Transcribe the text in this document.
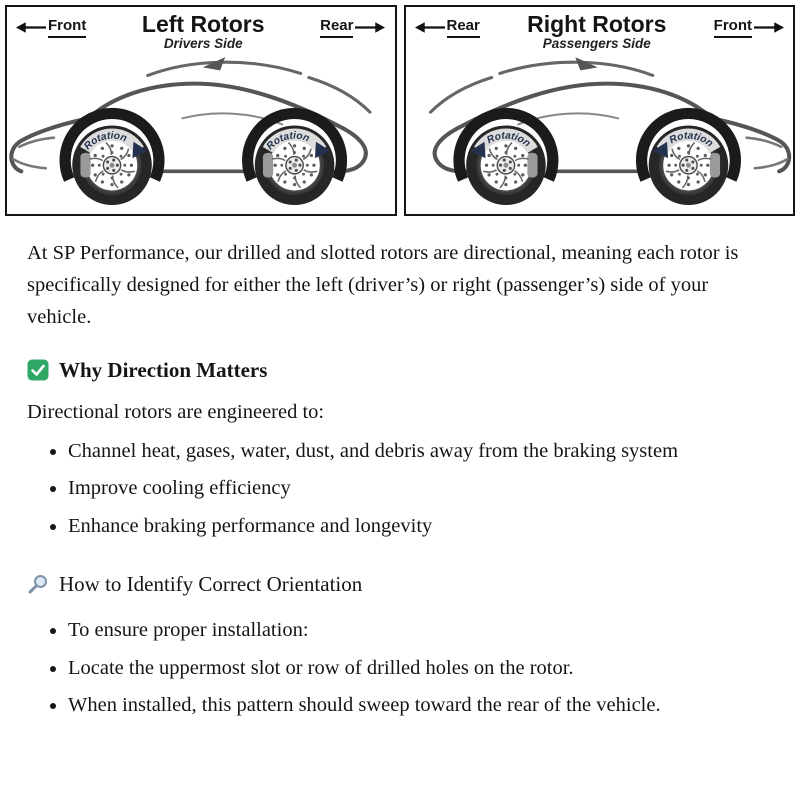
Front Left Rotors
Drivers Side
Rear
Rotation
Rotation
Rear Right Rotors
Passengers Side
Front
Rotation	Rotation

At SP Performance, our drilled and slotted rotors are directional, meaning each rotor is specifically designed for either the left (driver’s) or right (passenger’s) side of your vehicle.

Why Direction Matters

Directional rotors are engineered to:

• Channel heat, gases, water, dust, and debris away from the braking system
• Improve cooling efficiency
• Enhance braking performance and longevity
How to Identify Correct Orientation
• To ensure proper installation:
• Locate the uppermost slot or row of drilled holes on the rotor.
• When installed, this pattern should sweep toward the rear of the vehicle.
